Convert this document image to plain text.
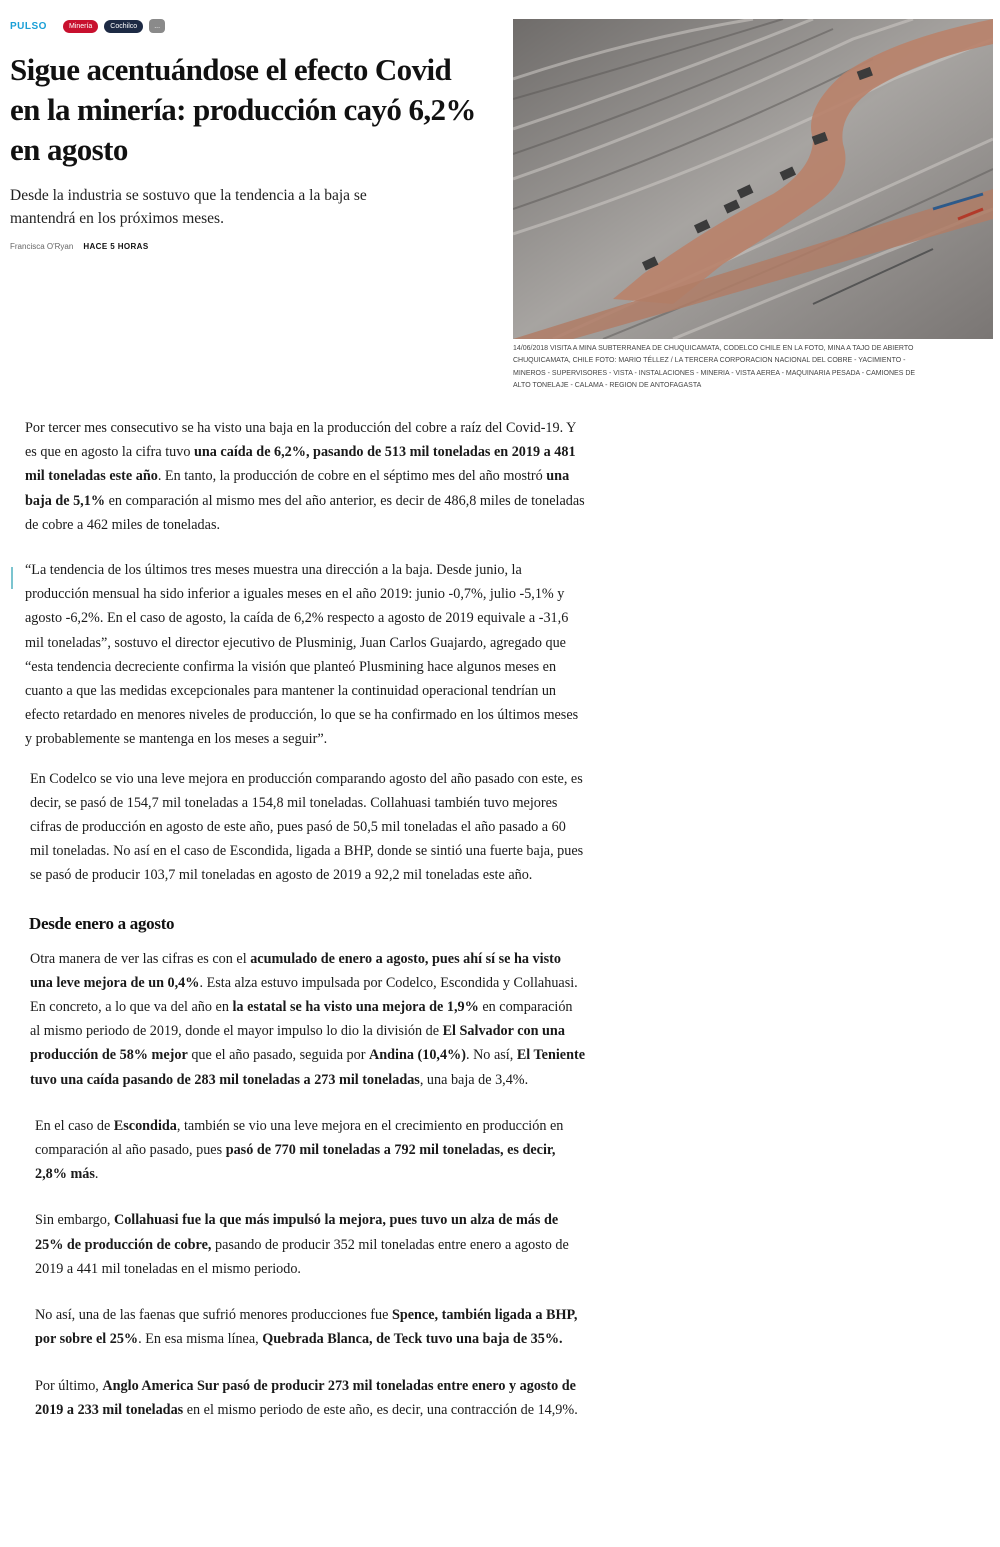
PULSO	Minería	Cochilco	...
Sigue acentuándose el efecto Covid en la minería: producción cayó 6,2% en agosto

Desde la industria se sostuvo que la tendencia a la baja se mantendrá en los próximos meses.

Francisca O'Ryan HACE 5 HORAS

14/06/2018 VISITA A MINA SUBTERRANEA DE CHUQUICAMATA, CODELCO CHILE EN LA FOTO, MINA A TAJO DE ABIERTO CHUQUICAMATA, CHILE FOTO: MARIO TÉLLEZ / LA TERCERA CORPORACION NACIONAL DEL COBRE - YACIMIENTO - MINEROS - SUPERVISORES - VISTA - INSTALACIONES - MINERIA - VISTA AEREA - MAQUINARIA PESADA - CAMIONES DE ALTO TONELAJE - CALAMA - REGION DE ANTOFAGASTA

Por tercer mes consecutivo se ha visto una baja en la producción del cobre a raíz del Covid-19. Y es que en agosto la cifra tuvo una caída de 6,2%, pasando de 513 mil toneladas en 2019 a 481 mil toneladas este año. En tanto, la producción de cobre en el séptimo mes del año mostró una baja de 5,1% en comparación al mismo mes del año anterior, es decir de 486,8 miles de toneladas de cobre a 462 miles de toneladas.

“La tendencia de los últimos tres meses muestra una dirección a la baja. Desde junio, la producción mensual ha sido inferior a iguales meses en el año 2019: junio -0,7%, julio -5,1% y agosto -6,2%. En el caso de agosto, la caída de 6,2% respecto a agosto de 2019 equivale a -31,6 mil toneladas”, sostuvo el director ejecutivo de Plusminig, Juan Carlos Guajardo, agregado que “esta tendencia decreciente confirma la visión que planteó Plusmining hace algunos meses en cuanto a que las medidas excepcionales para mantener la continuidad operacional tendrían un efecto retardado en menores niveles de producción, lo que se ha confirmado en los últimos meses y probablemente se mantenga en los meses a seguir”.

En Codelco se vio una leve mejora en producción comparando agosto del año pasado con este, es decir, se pasó de 154,7 mil toneladas a 154,8 mil toneladas. Collahuasi también tuvo mejores cifras de producción en agosto de este año, pues pasó de 50,5 mil toneladas el año pasado a 60 mil toneladas. No así en el caso de Escondida, ligada a BHP, donde se sintió una fuerte baja, pues se pasó de producir 103,7 mil toneladas en agosto de 2019 a 92,2 mil toneladas este año.

Desde enero a agosto

Otra manera de ver las cifras es con el acumulado de enero a agosto, pues ahí sí se ha visto una leve mejora de un 0,4%. Esta alza estuvo impulsada por Codelco, Escondida y Collahuasi. En concreto, a lo que va del año en la estatal se ha visto una mejora de 1,9% en comparación al mismo periodo de 2019, donde el mayor impulso lo dio la división de El Salvador con una producción de 58% mejor que el año pasado, seguida por Andina (10,4%). No así, El Teniente tuvo una caída pasando de 283 mil toneladas a 273 mil toneladas, una baja de 3,4%.

En el caso de Escondida, también se vio una leve mejora en el crecimiento en producción en comparación al año pasado, pues pasó de 770 mil toneladas a 792 mil toneladas, es decir, 2,8% más.

Sin embargo, Collahuasi fue la que más impulsó la mejora, pues tuvo un alza de más de 25% de producción de cobre, pasando de producir 352 mil toneladas entre enero a agosto de 2019 a 441 mil toneladas en el mismo periodo.

No así, una de las faenas que sufrió menores producciones fue Spence, también ligada a BHP, por sobre el 25%. En esa misma línea, Quebrada Blanca, de Teck tuvo una baja de 35%.

Por último, Anglo America Sur pasó de producir 273 mil toneladas entre enero y agosto de 2019 a 233 mil toneladas en el mismo periodo de este año, es decir, una contracción de 14,9%.
